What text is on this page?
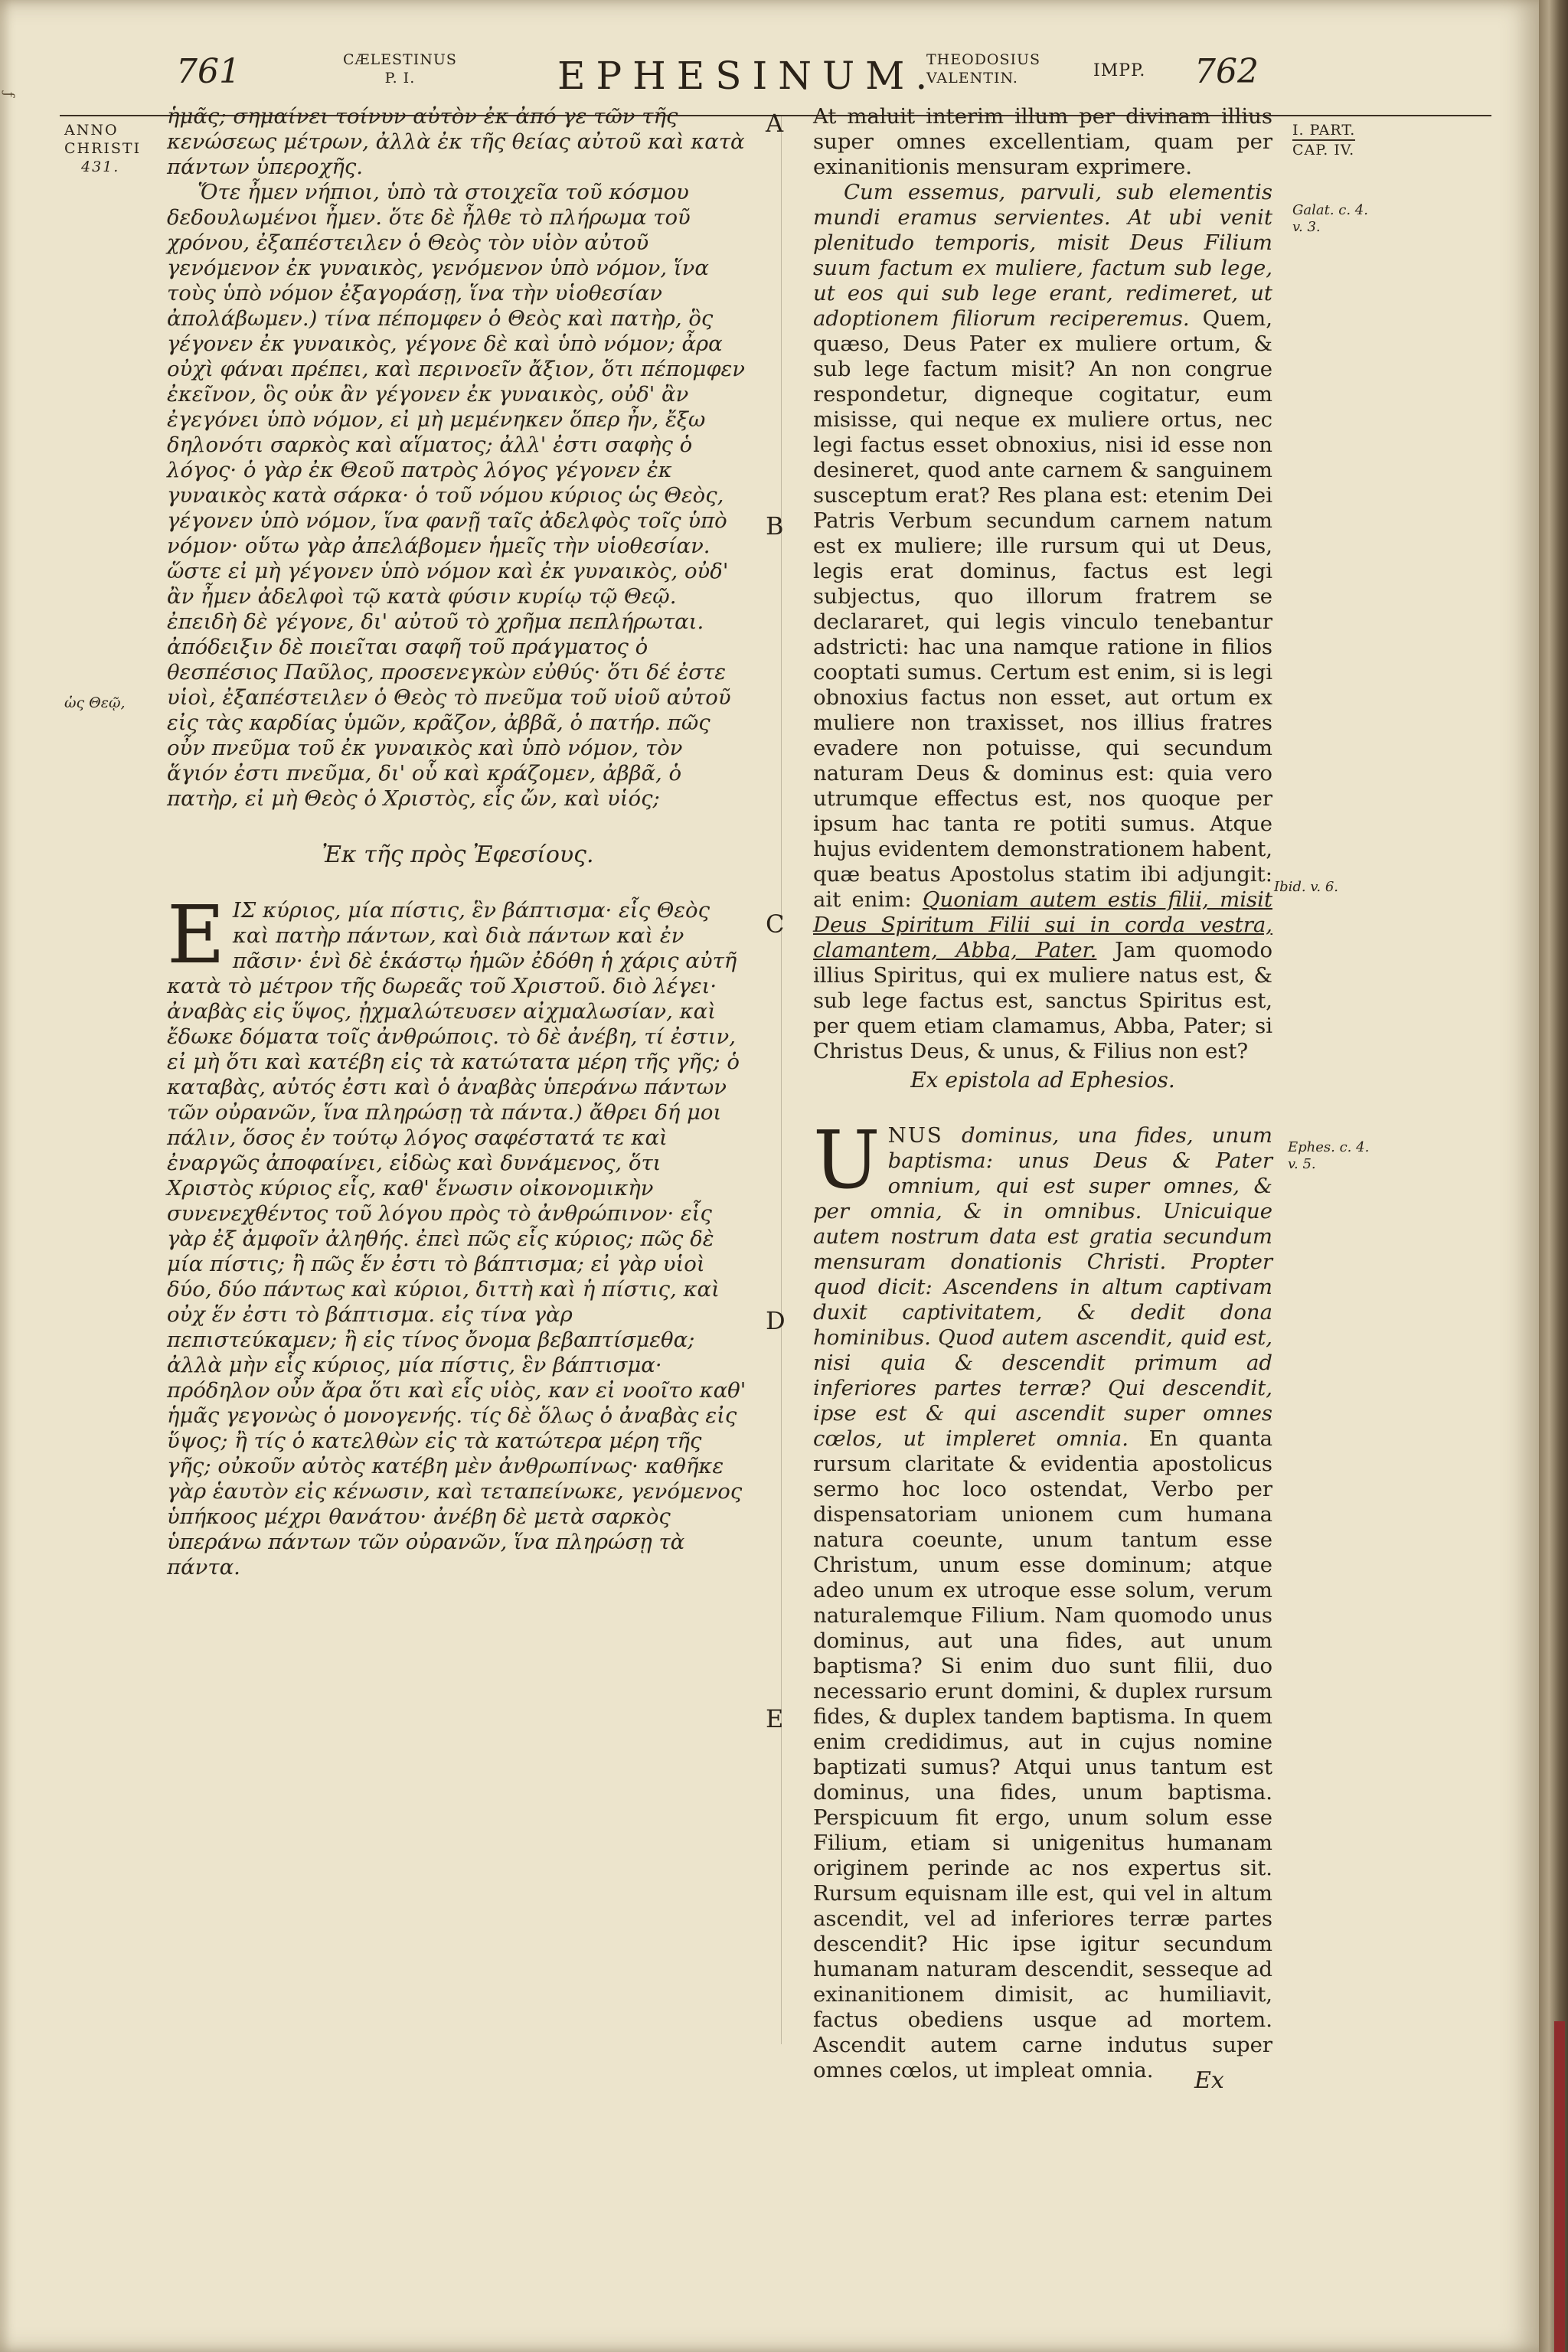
761	CÆLESTINUS
P. I.	EPHESINUM.
THEODOSIUS
VALENTIN.	IMPP. 762
ANNO
CHRISTI
431.
ὡς Θεῷ,
I. PART.
CAP. IV.
Galat. c. 4.
v. 3.
Ibid. v. 6.
Ephes. c. 4.
v. 5.
A
B
C
D
E

ἡμᾶς; σημαίνει τοίνυν αὐτὸν ἐκ ἀπό γε τῶν τῆς κενώσεως μέτρων, ἀλλὰ ἐκ τῆς θείας αὐτοῦ καὶ κατὰ πάντων ὑπεροχῆς.

Ὅτε ἦμεν νήπιοι, ὑπὸ τὰ στοιχεῖα τοῦ κόσμου δεδουλωμένοι ἦμεν. ὅτε δὲ ἦλθε τὸ πλήρωμα τοῦ χρόνου, ἐξαπέστειλεν ὁ Θεὸς τὸν υἱὸν αὐτοῦ γενόμενον ἐκ γυναικὸς, γενόμενον ὑπὸ νόμον, ἵνα τοὺς ὑπὸ νόμον ἐξαγοράσῃ, ἵνα τὴν υἱοθεσίαν ἀπολάβωμεν.) τίνα πέπομφεν ὁ Θεὸς καὶ πατὴρ, ὃς γέγονεν ἐκ γυναικὸς, γέγονε δὲ καὶ ὑπὸ νόμον; ἆρα οὐχὶ φάναι πρέπει, καὶ περινοεῖν ἄξιον, ὅτι πέπομφεν ἐκεῖνον, ὃς οὐκ ἂν γέγονεν ἐκ γυναικὸς, οὐδ' ἂν ἐγεγόνει ὑπὸ νόμον, εἰ μὴ μεμένηκεν ὅπερ ἦν, ἔξω δηλονότι σαρκὸς καὶ αἵματος; ἀλλ' ἐστι σαφὴς ὁ λόγος· ὁ γὰρ ἐκ Θεοῦ πατρὸς λόγος γέγονεν ἐκ γυναικὸς κατὰ σάρκα· ὁ τοῦ νόμου κύριος ὡς Θεὸς, γέγονεν ὑπὸ νόμον, ἵνα φανῇ ταῖς ἀδελφὸς τοῖς ὑπὸ νόμον· οὕτω γὰρ ἀπελάβομεν ἡμεῖς τὴν υἱοθεσίαν. ὥστε εἰ μὴ γέγονεν ὑπὸ νόμον καὶ ἐκ γυναικὸς, οὐδ' ἂν ἦμεν ἀδελφοὶ τῷ κατὰ φύσιν κυρίῳ τῷ Θεῷ. ἐπειδὴ δὲ γέγονε, δι' αὐτοῦ τὸ χρῆμα πεπλήρωται. ἀπόδειξιν δὲ ποιεῖται σαφῆ τοῦ πράγματος ὁ θεσπέσιος Παῦλος, προσενεγκὼν εὐθύς· ὅτι δέ ἐστε υἱοὶ, ἐξαπέστειλεν ὁ Θεὸς τὸ πνεῦμα τοῦ υἱοῦ αὐτοῦ εἰς τὰς καρδίας ὑμῶν, κρᾶζον, ἀββᾶ, ὁ πατήρ. πῶς οὖν πνεῦμα τοῦ ἐκ γυναικὸς καὶ ὑπὸ νόμον, τὸν ἅγιόν ἐστι πνεῦμα, δι' οὗ καὶ κράζομεν, ἀββᾶ, ὁ πατὴρ, εἰ μὴ Θεὸς ὁ Χριστὸς, εἷς ὤν, καὶ υἱός;

Ἐκ τῆς πρὸς Ἐφεσίους.

Ε ΙΣ κύριος, μία πίστις, ἓν βάπτισμα· εἷς Θεὸς καὶ πατὴρ πάντων, καὶ διὰ πάντων καὶ ἐν πᾶσιν· ἑνὶ δὲ ἑκάστῳ ἡμῶν ἐδόθη ἡ χάρις αὐτῆ κατὰ τὸ μέτρον τῆς δωρεᾶς τοῦ Χριστοῦ. διὸ λέγει· ἀναβὰς εἰς ὕψος, ᾐχμαλώτευσεν αἰχμαλωσίαν, καὶ ἔδωκε δόματα τοῖς ἀνθρώποις. τὸ δὲ ἀνέβη, τί ἐστιν, εἰ μὴ ὅτι καὶ κατέβη εἰς τὰ κατώτατα μέρη τῆς γῆς; ὁ καταβὰς, αὐτός ἐστι καὶ ὁ ἀναβὰς ὑπεράνω πάντων τῶν οὐρανῶν, ἵνα πληρώσῃ τὰ πάντα.) ἄθρει δή μοι πάλιν, ὅσος ἐν τούτῳ λόγος σαφέστατά τε καὶ ἐναργῶς ἀποφαίνει, εἰδὼς καὶ δυνάμενος, ὅτι Χριστὸς κύριος εἷς, καθ' ἕνωσιν οἰκονομικὴν συνενεχθέντος τοῦ λόγου πρὸς τὸ ἀνθρώπινον· εἷς γὰρ ἐξ ἀμφοῖν ἀληθής. ἐπεὶ πῶς εἷς κύριος; πῶς δὲ μία πίστις; ἢ πῶς ἕν ἐστι τὸ βάπτισμα; εἰ γὰρ υἱοὶ δύο, δύο πάντως καὶ κύριοι, διττὴ καὶ ἡ πίστις, καὶ οὐχ ἕν ἐστι τὸ βάπτισμα. εἰς τίνα γὰρ πεπιστεύκαμεν; ἢ εἰς τίνος ὄνομα βεβαπτίσμεθα; ἀλλὰ μὴν εἷς κύριος, μία πίστις, ἓν βάπτισμα· πρόδηλον οὖν ἄρα ὅτι καὶ εἷς υἱὸς, καν εἰ νοοῖτο καθ' ἡμᾶς γεγονὼς ὁ μονογενής. τίς δὲ ὅλως ὁ ἀναβὰς εἰς ὕψος; ἢ τίς ὁ κατελθὼν εἰς τὰ κατώτερα μέρη τῆς γῆς; οὐκοῦν αὐτὸς κατέβη μὲν ἀνθρωπίνως· καθῆκε γὰρ ἑαυτὸν εἰς κένωσιν, καὶ τεταπείνωκε, γενόμενος ὑπήκοος μέχρι θανάτου· ἀνέβη δὲ μετὰ σαρκὸς ὑπεράνω πάντων τῶν οὐρανῶν, ἵνα πληρώσῃ τὰ πάντα.

At maluit interim illum per divinam illius super omnes excellentiam, quam per exinanitionis mensuram exprimere.

Cum essemus, parvuli, sub elementis mundi eramus servientes. At ubi venit plenitudo temporis, misit Deus Filium suum factum ex muliere, factum sub lege, ut eos qui sub lege erant, redimeret, ut adoptionem filiorum reciperemus. Quem, quæso, Deus Pater ex muliere ortum, & sub lege factum misit? An non congrue respondetur, digneque cogitatur, eum misisse, qui neque ex muliere ortus, nec legi factus esset obnoxius, nisi id esse non desineret, quod ante carnem & sanguinem susceptum erat? Res plana est: etenim Dei Patris Verbum secundum carnem natum est ex muliere; ille rursum qui ut Deus, legis erat dominus, factus est legi subjectus, quo illorum fratrem se declararet, qui legis vinculo tenebantur adstricti: hac una namque ratione in filios cooptati sumus. Certum est enim, si is legi obnoxius factus non esset, aut ortum ex muliere non traxisset, nos illius fratres evadere non potuisse, qui secundum naturam Deus & dominus est: quia vero utrumque effectus est, nos quoque per ipsum hac tanta re potiti sumus. Atque hujus evidentem demonstrationem habent, quæ beatus Apostolus statim ibi adjungit: ait enim: Quoniam autem estis filii, misit Deus Spiritum Filii sui in corda vestra, clamantem, Abba, Pater. Jam quomodo illius Spiritus, qui ex muliere natus est, & sub lege factus est, sanctus Spiritus est, per quem etiam clamamus, Abba, Pater; si Christus Deus, & unus, & Filius non est?

Ex epistola ad Ephesios.

U NUS dominus, una fides, unum baptisma: unus Deus & Pater omnium, qui est super omnes, & per omnia, & in omnibus. Unicuique autem nostrum data est gratia secundum mensuram donationis Christi. Propter quod dicit: Ascendens in altum captivam duxit captivitatem, & dedit dona hominibus. Quod autem ascendit, quid est, nisi quia & descendit primum ad inferiores partes terræ? Qui descendit, ipse est & qui ascendit super omnes cœlos, ut impleret omnia. En quanta rursum claritate & evidentia apostolicus sermo hoc loco ostendat, Verbo per dispensatoriam unionem cum humana natura coeunte, unum tantum esse Christum, unum esse dominum; atque adeo unum ex utroque esse solum, verum naturalemque Filium. Nam quomodo unus dominus, aut una fides, aut unum baptisma? Si enim duo sunt filii, duo necessario erunt domini, & duplex rursum fides, & duplex tandem baptisma. In quem enim credidimus, aut in cujus nomine baptizati sumus? Atqui unus tantum est dominus, una fides, unum baptisma. Perspicuum fit ergo, unum solum esse Filium, etiam si unigenitus humanam originem perinde ac nos expertus sit. Rursum equisnam ille est, qui vel in altum ascendit, vel ad inferiores terræ partes descendit? Hic ipse igitur secundum humanam naturam descendit, sesseque ad exinanitionem dimisit, ac humiliavit, factus obediens usque ad mortem. Ascendit autem carne indutus super omnes cœlos, ut impleat omnia.	Ex
ƒ
